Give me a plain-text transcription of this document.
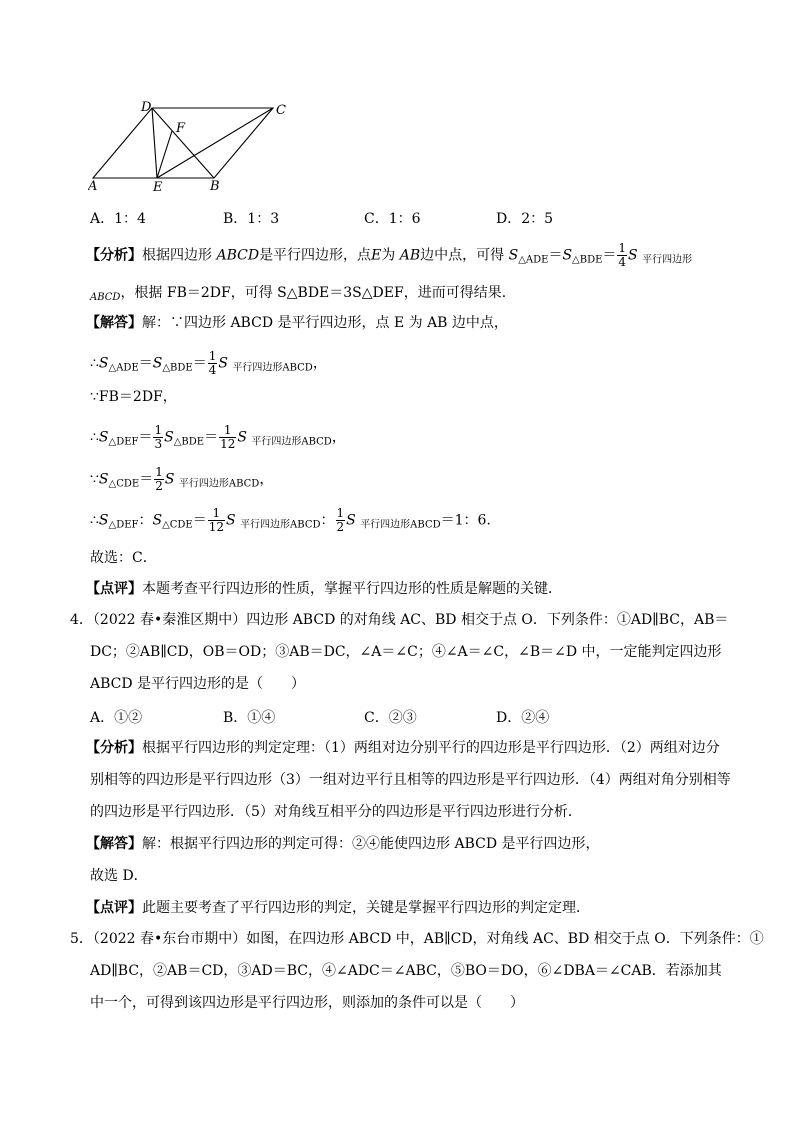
A	B
C
D
E
F
A．1：4	B．1：3	C．1：6	D．2：5
【分析】根据四边形 ABCD是平行四边形，点E为 AB边中点，可得 $S_{\triangle ADE}=S_{\triangle BDE}= \frac{1}{4}$ S $_{平行四边形}$
$_{ABCD}$，根据 FB＝2DF，可得 S△BDE＝3S△DEF，进而可得结果．
【解答】解：∵四边形 ABCD 是平行四边形，点 E 为 AB 边中点，
$\therefore S_{\triangle ADE}=S_{\triangle BDE}= \frac{1}{4}$ S $_{平行四边形ABCD}$，
∵FB＝2DF，
$\therefore S_{\triangle DEF}= \frac{1}{3} S_{\triangle BDE}= \frac{1}{12}$ S $_{平行四边形ABCD}$，
$\because S_{\triangle CDE}= \frac{1}{2}$ S $_{平行四边形ABCD}$，
$\therefore S_{\triangle DEF}$：$S_{\triangle CDE}= \frac{1}{12}$ S $_{平行四边形ABCD}$： $\frac{1}{2}$ S $_{平行四边形ABCD}$＝1：6．
故选：C．
【点评】本题考查平行四边形的性质，掌握平行四边形的性质是解题的关键．
4．（2022 春•秦淮区期中）四边形 ABCD 的对角线 AC、BD 相交于点 O．下列条件：①AD∥BC，AB＝
DC；②AB∥CD，OB＝OD；③AB＝DC，∠A＝∠C；④∠A＝∠C，∠B＝∠D 中，一定能判定四边形
ABCD 是平行四边形的是（　　）
A．①②	B．①④	C．②③	D．②④
【分析】根据平行四边形的判定定理：（1）两组对边分别平行的四边形是平行四边形．（2）两组对边分
别相等的四边形是平行四边形（3）一组对边平行且相等的四边形是平行四边形．（4）两组对角分别相等
的四边形是平行四边形．（5）对角线互相平分的四边形是平行四边形进行分析．
【解答】解：根据平行四边形的判定可得：②④能使四边形 ABCD 是平行四边形，
故选 D．
【点评】此题主要考查了平行四边形的判定，关键是掌握平行四边形的判定定理．
5．（2022 春•东台市期中）如图，在四边形 ABCD 中，AB∥CD，对角线 AC、BD 相交于点 O．下列条件：①
AD∥BC，②AB＝CD，③AD＝BC，④∠ADC＝∠ABC，⑤BO＝DO，⑥∠DBA＝∠CAB．若添加其
中一个，可得到该四边形是平行四边形，则添加的条件可以是（　　）
